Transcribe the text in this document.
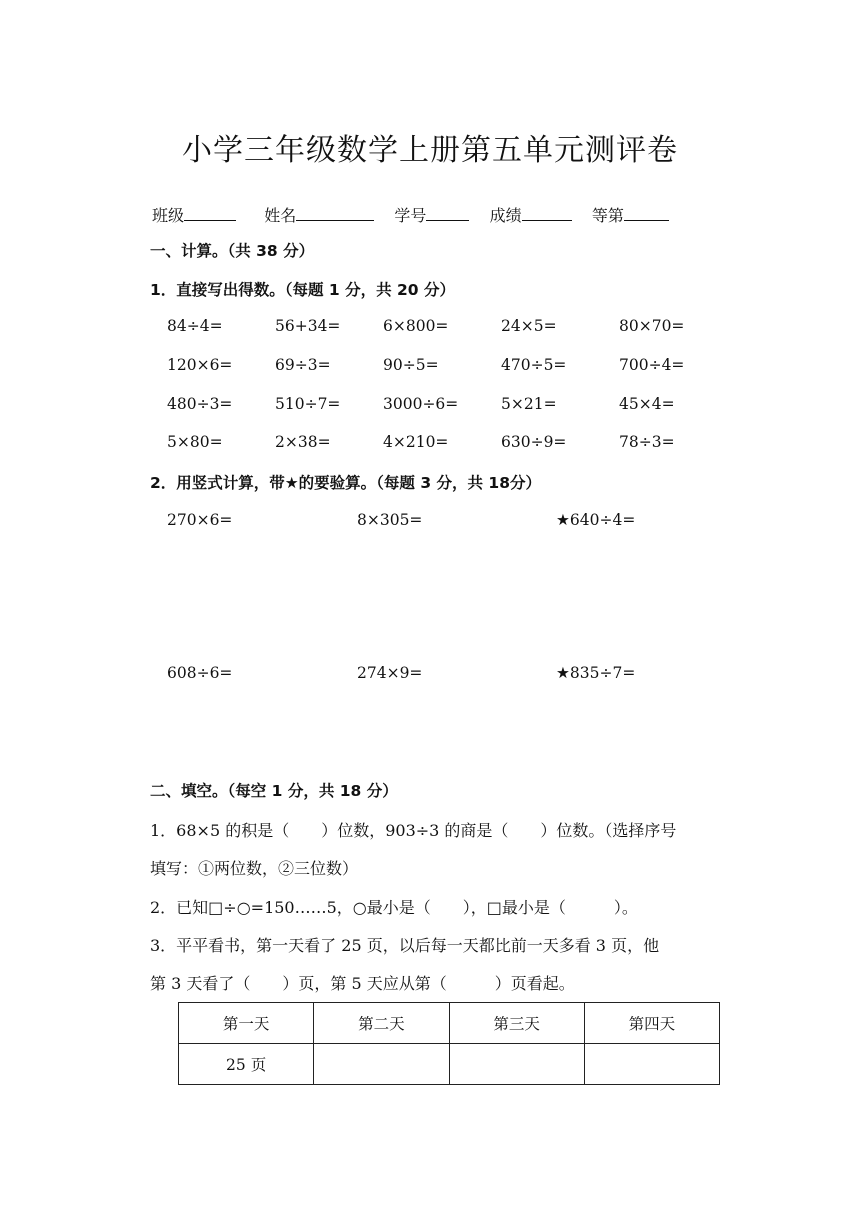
小学三年级数学上册第五单元测评卷
班级	姓名	学号	成绩	等第
一、计算。（共 38 分）
1．直接写出得数。（每题 1 分，共 20 分）
84÷4=	56+34=	6×800=	24×5=	80×70=
120×6=	69÷3=	90÷5=	470÷5=	700÷4=
480÷3=	510÷7=	3000÷6=	5×21=	45×4=
5×80=	2×38=	4×210=	630÷9=	78÷3=
2．用竖式计算，带★的要验算。（每题 3 分，共 18分）
270×6=	8×305=	★640÷4=
608÷6=	274×9=	★835÷7=
二、填空。（每空 1 分，共 18 分）
1．68×5 的积是（　　）位数，903÷3 的商是（　　）位数。（选择序号
填写：①两位数，②三位数）
2．已知□÷○=150……5，○最小是（　　），□最小是（　　　）。
3．平平看书，第一天看了 25 页，以后每一天都比前一天多看 3 页，他
第 3 天看了（　　）页，第 5 天应从第（　　　）页看起。
第一天	第二天	第三天	第四天
25 页			
